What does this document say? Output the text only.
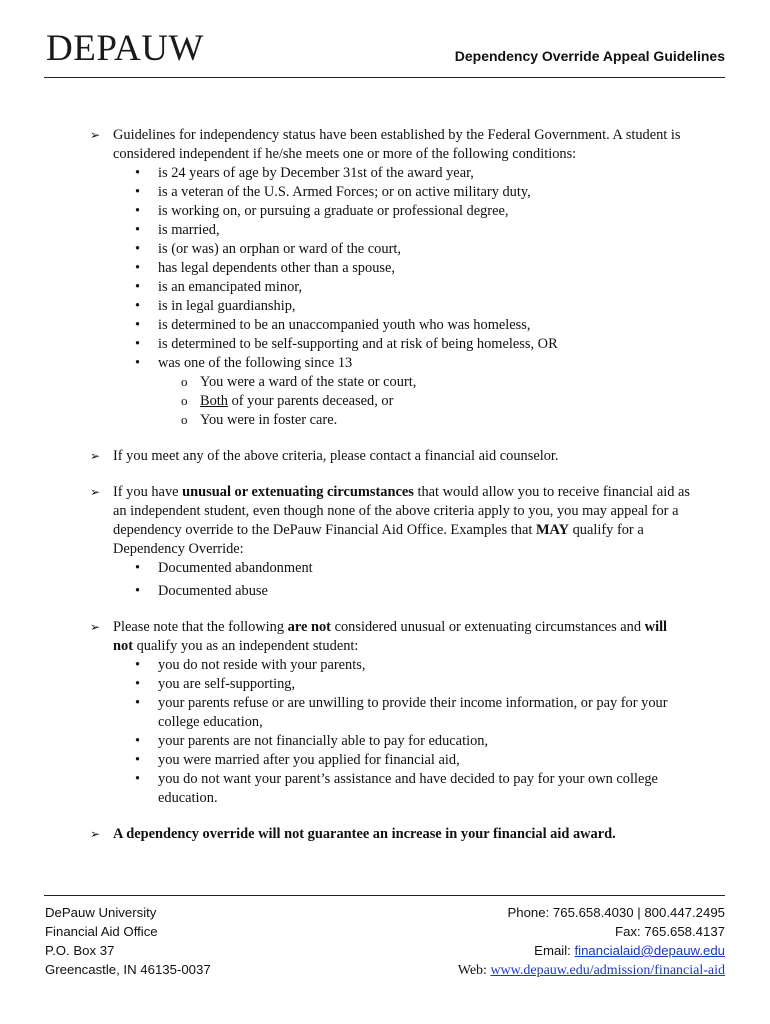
DEPAUW	Dependency Override Appeal Guidelines
➢ Guidelines for independency status have been established by the Federal Government. A student is considered independent if he/she meets one or more of the following conditions:
• is 24 years of age by December 31st of the award year,
• is a veteran of the U.S. Armed Forces; or on active military duty,
• is working on, or pursuing a graduate or professional degree,
• is married,
• is (or was) an orphan or ward of the court,
• has legal dependents other than a spouse,
• is an emancipated minor,
• is in legal guardianship,
• is determined to be an unaccompanied youth who was homeless,
• is determined to be self-supporting and at risk of being homeless, OR
• was one of the following since 13
o You were a ward of the state or court,
o Both of your parents deceased, or
o You were in foster care.
➢ If you meet any of the above criteria, please contact a financial aid counselor.
➢ If you have unusual or extenuating circumstances that would allow you to receive financial aid as an independent student, even though none of the above criteria apply to you, you may appeal for a dependency override to the DePauw Financial Aid Office. Examples that MAY qualify for a Dependency Override:
• Documented abandonment
• Documented abuse
➢ Please note that the following are not considered unusual or extenuating circumstances and will not qualify you as an independent student:
• you do not reside with your parents,
• you are self-supporting,
• your parents refuse or are unwilling to provide their income information, or pay for your college education,
• your parents are not financially able to pay for education,
• you were married after you applied for financial aid,
• you do not want your parent’s assistance and have decided to pay for your own college education.
➢ A dependency override will not guarantee an increase in your financial aid award.
DePauw University
Financial Aid Office
P.O. Box 37
Greencastle, IN 46135-0037
Phone: 765.658.4030 | 800.447.2495
Fax: 765.658.4137
Email: financialaid@depauw.edu
Web: www.depauw.edu/admission/financial-aid
